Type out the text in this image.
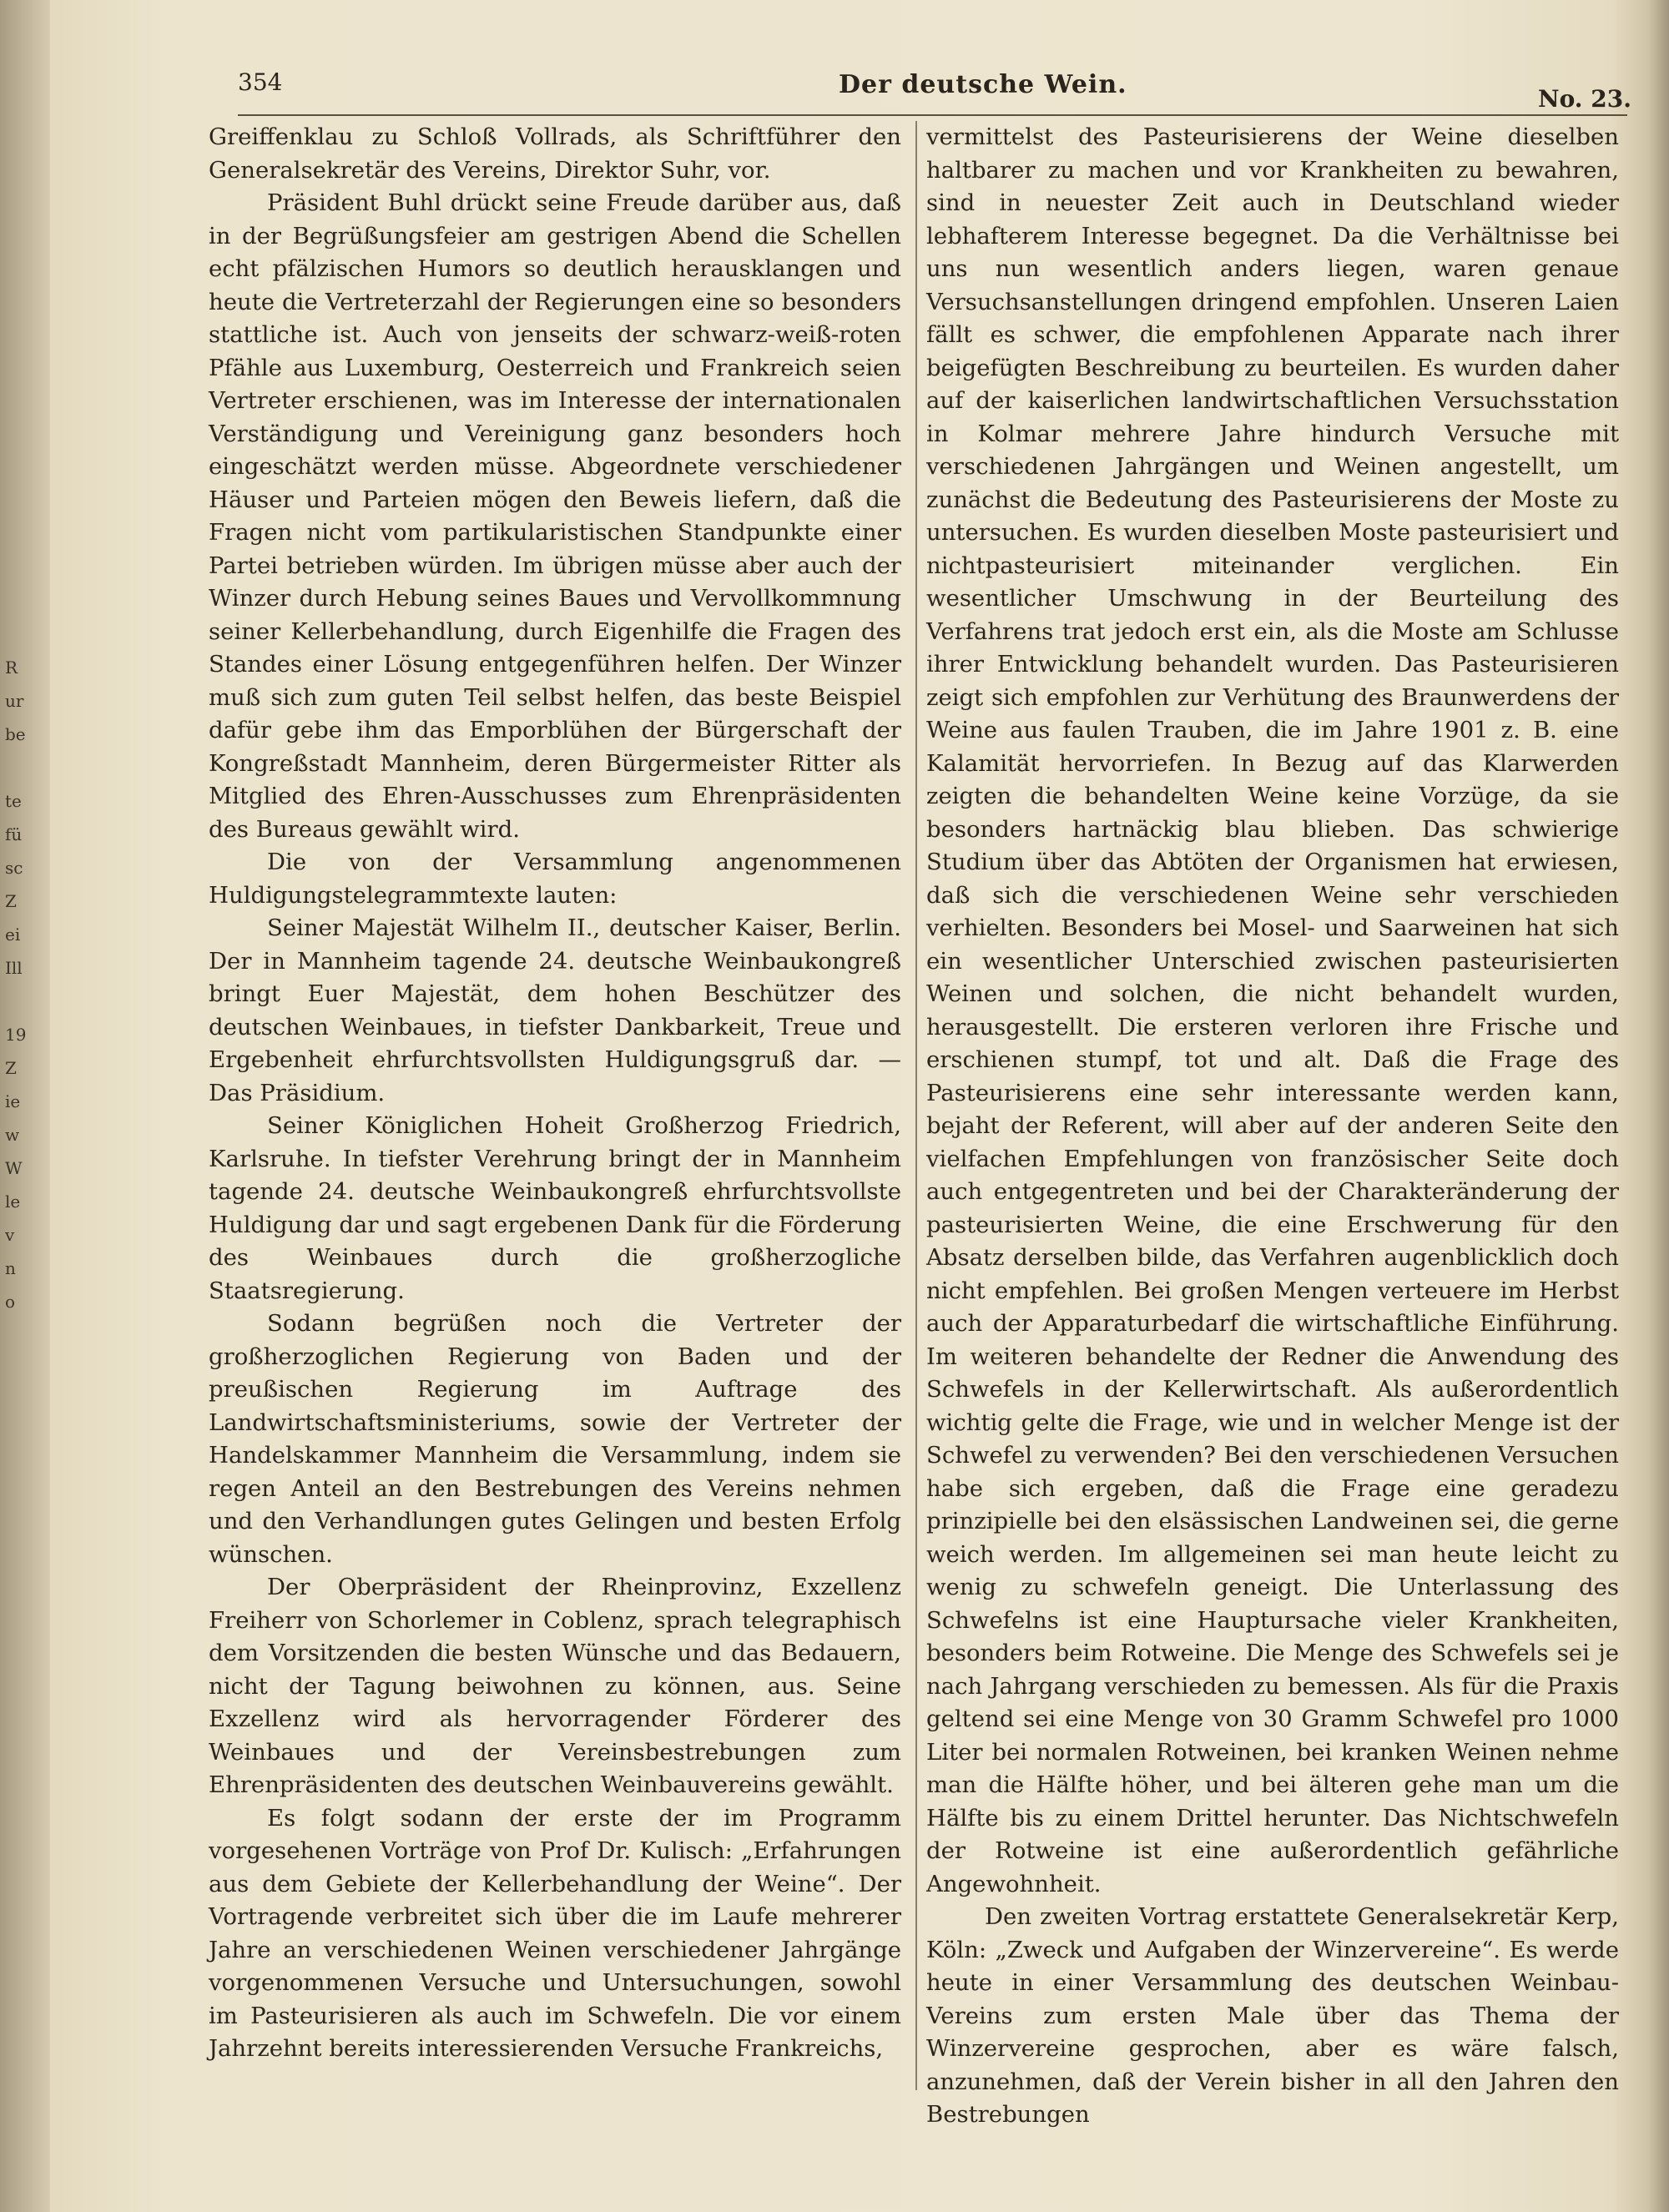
R
ur
be
te
fü
sc
Z
ei
Ill
19
Z
ie
w
W
le
v
n
o
354	Der deutsche Wein.	No. 23.

Greiffenklau zu Schloß Vollrads, als Schriftführer den Generalsekretär des Vereins, Direktor Suhr, vor.

Präsident Buhl drückt seine Freude darüber aus, daß in der Begrüßungsfeier am gestrigen Abend die Schellen echt pfälzischen Humors so deutlich herausklangen und heute die Vertreterzahl der Regierungen eine so besonders stattliche ist. Auch von jenseits der schwarz-weiß-roten Pfähle aus Luxemburg, Oesterreich und Frankreich seien Vertreter erschienen, was im Interesse der internationalen Verständigung und Vereinigung ganz besonders hoch eingeschätzt werden müsse. Abgeordnete verschiedener Häuser und Parteien mögen den Beweis liefern, daß die Fragen nicht vom partikularistischen Standpunkte einer Partei betrieben würden. Im übrigen müsse aber auch der Winzer durch Hebung seines Baues und Vervollkommnung seiner Kellerbehandlung, durch Eigenhilfe die Fragen des Standes einer Lösung entgegenführen helfen. Der Winzer muß sich zum guten Teil selbst helfen, das beste Beispiel dafür gebe ihm das Emporblühen der Bürgerschaft der Kongreßstadt Mannheim, deren Bürgermeister Ritter als Mitglied des Ehren-Ausschusses zum Ehrenpräsidenten des Bureaus gewählt wird.

Die von der Versammlung angenommenen Huldigungstelegrammtexte lauten:

Seiner Majestät Wilhelm II., deutscher Kaiser, Berlin. Der in Mannheim tagende 24. deutsche Weinbaukongreß bringt Euer Majestät, dem hohen Beschützer des deutschen Weinbaues, in tiefster Dankbarkeit, Treue und Ergebenheit ehrfurchtsvollsten Huldigungsgruß dar. — Das Präsidium.

Seiner Königlichen Hoheit Großherzog Friedrich, Karlsruhe. In tiefster Verehrung bringt der in Mannheim tagende 24. deutsche Weinbaukongreß ehrfurchtsvollste Huldigung dar und sagt ergebenen Dank für die Förderung des Weinbaues durch die großherzogliche Staatsregierung.

Sodann begrüßen noch die Vertreter der großherzoglichen Regierung von Baden und der preußischen Regierung im Auftrage des Landwirtschaftsministeriums, sowie der Vertreter der Handelskammer Mannheim die Versammlung, indem sie regen Anteil an den Bestrebungen des Vereins nehmen und den Verhandlungen gutes Gelingen und besten Erfolg wünschen.

Der Oberpräsident der Rheinprovinz, Exzellenz Freiherr von Schorlemer in Coblenz, sprach telegraphisch dem Vorsitzenden die besten Wünsche und das Bedauern, nicht der Tagung beiwohnen zu können, aus. Seine Exzellenz wird als hervorragender Förderer des Weinbaues und der Vereinsbestrebungen zum Ehrenpräsidenten des deutschen Weinbauvereins gewählt.

Es folgt sodann der erste der im Programm vorgesehenen Vorträge von Prof Dr. Kulisch: „Erfahrungen aus dem Gebiete der Kellerbehandlung der Weine“. Der Vortragende verbreitet sich über die im Laufe mehrerer Jahre an verschiedenen Weinen verschiedener Jahrgänge vorgenommenen Versuche und Untersuchungen, sowohl im Pasteurisieren als auch im Schwefeln. Die vor einem Jahrzehnt bereits interessierenden Versuche Frankreichs,

vermittelst des Pasteurisierens der Weine dieselben haltbarer zu machen und vor Krankheiten zu bewahren, sind in neuester Zeit auch in Deutschland wieder lebhafterem Interesse begegnet. Da die Verhältnisse bei uns nun wesentlich anders liegen, waren genaue Versuchsanstellungen dringend empfohlen. Unseren Laien fällt es schwer, die empfohlenen Apparate nach ihrer beigefügten Beschreibung zu beurteilen. Es wurden daher auf der kaiserlichen landwirtschaftlichen Versuchsstation in Kolmar mehrere Jahre hindurch Versuche mit verschiedenen Jahrgängen und Weinen angestellt, um zunächst die Bedeutung des Pasteurisierens der Moste zu untersuchen. Es wurden dieselben Moste pasteurisiert und nichtpasteurisiert miteinander verglichen. Ein wesentlicher Umschwung in der Beurteilung des Verfahrens trat jedoch erst ein, als die Moste am Schlusse ihrer Entwicklung behandelt wurden. Das Pasteurisieren zeigt sich empfohlen zur Verhütung des Braunwerdens der Weine aus faulen Trauben, die im Jahre 1901 z. B. eine Kalamität hervorriefen. In Bezug auf das Klarwerden zeigten die behandelten Weine keine Vorzüge, da sie besonders hartnäckig blau blieben. Das schwierige Studium über das Abtöten der Organismen hat erwiesen, daß sich die verschiedenen Weine sehr verschieden verhielten. Besonders bei Mosel- und Saarweinen hat sich ein wesentlicher Unterschied zwischen pasteurisierten Weinen und solchen, die nicht behandelt wurden, herausgestellt. Die ersteren verloren ihre Frische und erschienen stumpf, tot und alt. Daß die Frage des Pasteurisierens eine sehr interessante werden kann, bejaht der Referent, will aber auf der anderen Seite den vielfachen Empfehlungen von französischer Seite doch auch entgegentreten und bei der Charakteränderung der pasteurisierten Weine, die eine Erschwerung für den Absatz derselben bilde, das Verfahren augenblicklich doch nicht empfehlen. Bei großen Mengen verteuere im Herbst auch der Apparaturbedarf die wirtschaftliche Einführung. Im weiteren behandelte der Redner die Anwendung des Schwefels in der Kellerwirtschaft. Als außerordentlich wichtig gelte die Frage, wie und in welcher Menge ist der Schwefel zu verwenden? Bei den verschiedenen Versuchen habe sich ergeben, daß die Frage eine geradezu prinzipielle bei den elsässischen Landweinen sei, die gerne weich werden. Im allgemeinen sei man heute leicht zu wenig zu schwefeln geneigt. Die Unterlassung des Schwefelns ist eine Hauptursache vieler Krankheiten, besonders beim Rotweine. Die Menge des Schwefels sei je nach Jahrgang verschieden zu bemessen. Als für die Praxis geltend sei eine Menge von 30 Gramm Schwefel pro 1000 Liter bei normalen Rotweinen, bei kranken Weinen nehme man die Hälfte höher, und bei älteren gehe man um die Hälfte bis zu einem Drittel herunter. Das Nichtschwefeln der Rotweine ist eine außerordentlich gefährliche Angewohnheit.

Den zweiten Vortrag erstattete Generalsekretär Kerp, Köln: „Zweck und Aufgaben der Winzervereine“. Es werde heute in einer Versammlung des deutschen Weinbau-Vereins zum ersten Male über das Thema der Winzervereine gesprochen, aber es wäre falsch, anzunehmen, daß der Verein bisher in all den Jahren den Bestrebungen
